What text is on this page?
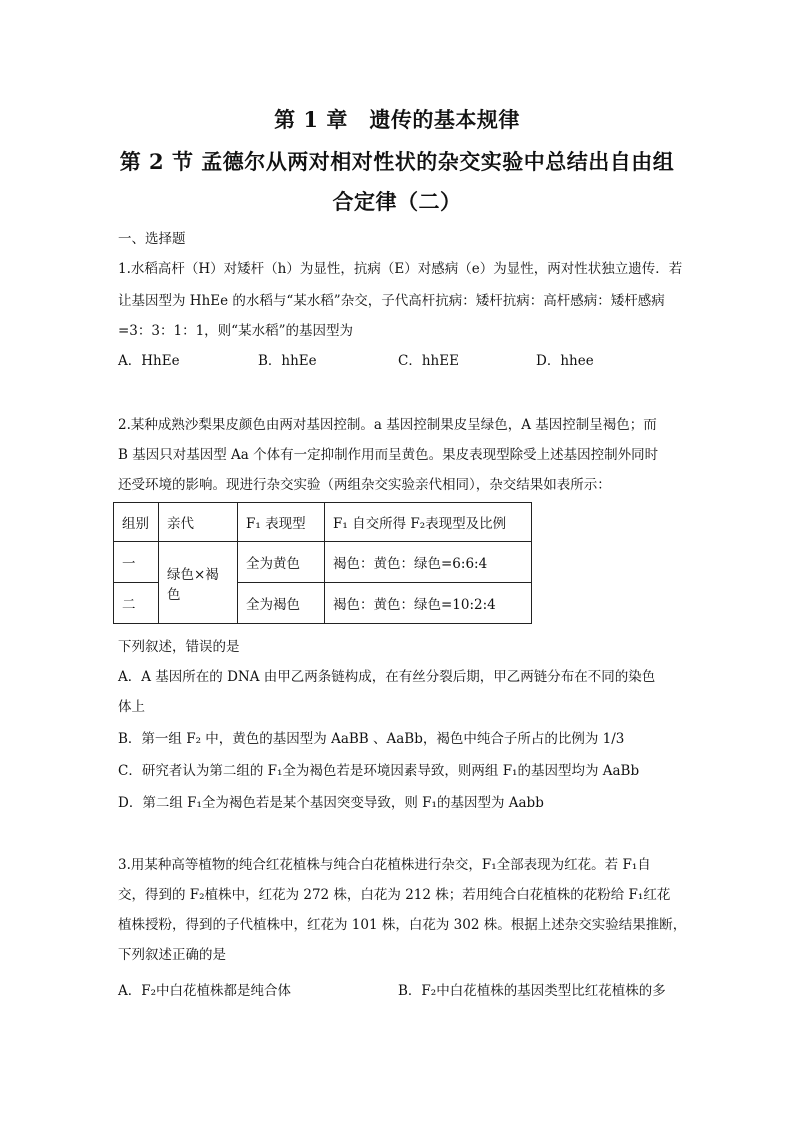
第 1 章　遗传的基本规律
第 2 节 孟德尔从两对相对性状的杂交实验中总结出自由组
合定律（二）
一、选择题
1.水稻高杆（H）对矮杆（h）为显性，抗病（E）对感病（e）为显性，两对性状独立遗传．若
让基因型为 HhEe 的水稻与“某水稻”杂交，子代高杆抗病：矮杆抗病：高杆感病：矮杆感病
=3：3：1：1，则“某水稻”的基因型为
A．HhEe	B．hhEe	C．hhEE	D．hhee
2.某种成熟沙梨果皮颜色由两对基因控制。a 基因控制果皮呈绿色，A 基因控制呈褐色；而
B 基因只对基因型 Aa 个体有一定抑制作用而呈黄色。果皮表现型除受上述基因控制外同时
还受环境的影响。现进行杂交实验（两组杂交实验亲代相同），杂交结果如表所示：
组别	亲代	F₁ 表现型	F₁ 自交所得 F₂表现型及比例
一	绿色×褐色	全为黄色	褐色：黄色：绿色=6:6:4
二		全为褐色	褐色：黄色：绿色=10:2:4
下列叙述，错误的是
A．A 基因所在的 DNA 由甲乙两条链构成，在有丝分裂后期，甲乙两链分布在不同的染色
体上
B．第一组 F₂ 中，黄色的基因型为 AaBB 、AaBb，褐色中纯合子所占的比例为 1/3
C．研究者认为第二组的 F₁全为褐色若是环境因素导致，则两组 F₁的基因型均为 AaBb
D．第二组 F₁全为褐色若是某个基因突变导致，则 F₁的基因型为 Aabb
3.用某种高等植物的纯合红花植株与纯合白花植株进行杂交，F₁全部表现为红花。若 F₁自
交，得到的 F₂植株中，红花为 272 株，白花为 212 株；若用纯合白花植株的花粉给 F₁红花
植株授粉，得到的子代植株中，红花为 101 株，白花为 302 株。根据上述杂交实验结果推断，
下列叙述正确的是
A．F₂中白花植株都是纯合体	B．F₂中白花植株的基因类型比红花植株的多
